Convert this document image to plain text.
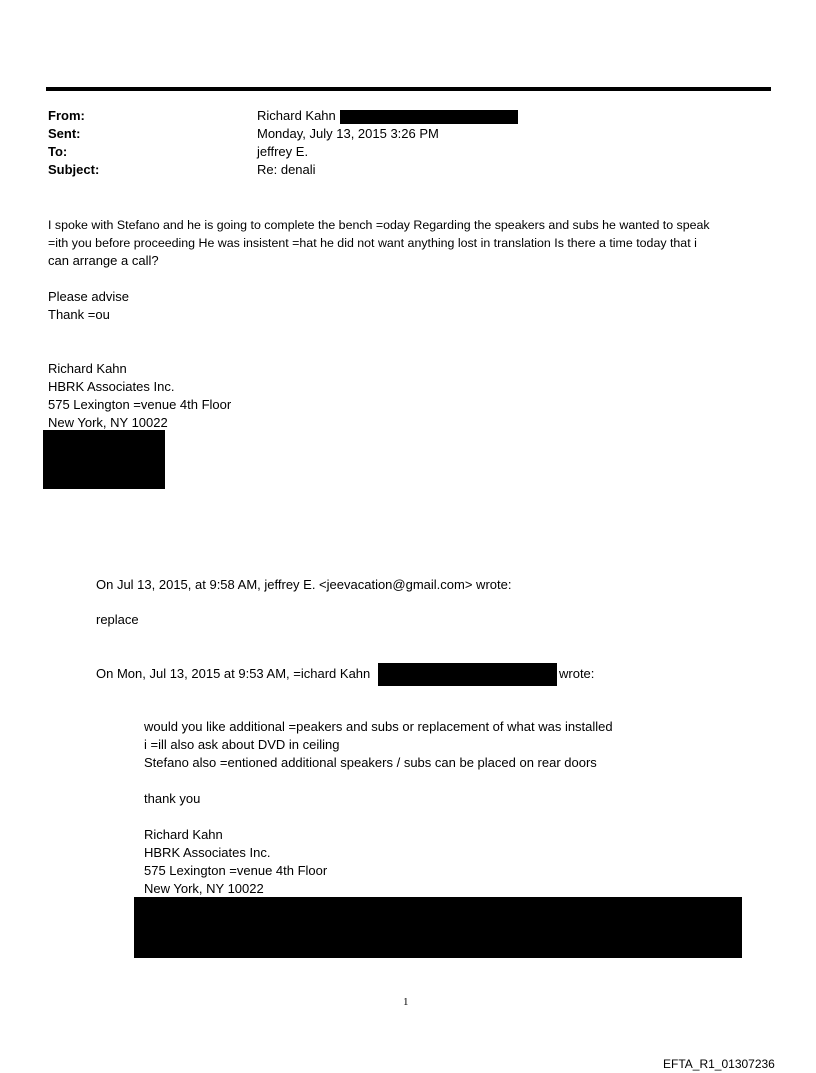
From:	Richard Kahn
Sent:	Monday, July 13, 2015 3:26 PM
To:	jeffrey E.
Subject:	Re: denali
I spoke with Stefano and he is going to complete the bench =oday Regarding the speakers and subs he wanted to speak
=ith you before proceeding He was insistent =hat he did not want anything lost in translation Is there a time today that i
can arrange a call?
Please advise
Thank =ou
Richard Kahn
HBRK Associates Inc.
575 Lexington =venue 4th Floor
New York, NY 10022
On Jul 13, 2015, at 9:58 AM, jeffrey E. <jeevacation@gmail.com> wrote:
replace
On Mon, Jul 13, 2015 at 9:53 AM, =ichard Kahn	wrote:
would you like additional =peakers and subs or replacement of what was installed
i =ill also ask about DVD in ceiling
Stefano also =entioned additional speakers / subs can be placed on rear doors
thank you
Richard Kahn
HBRK Associates Inc.
575 Lexington =venue 4th Floor
New York, NY 10022
1
EFTA_R1_01307236
